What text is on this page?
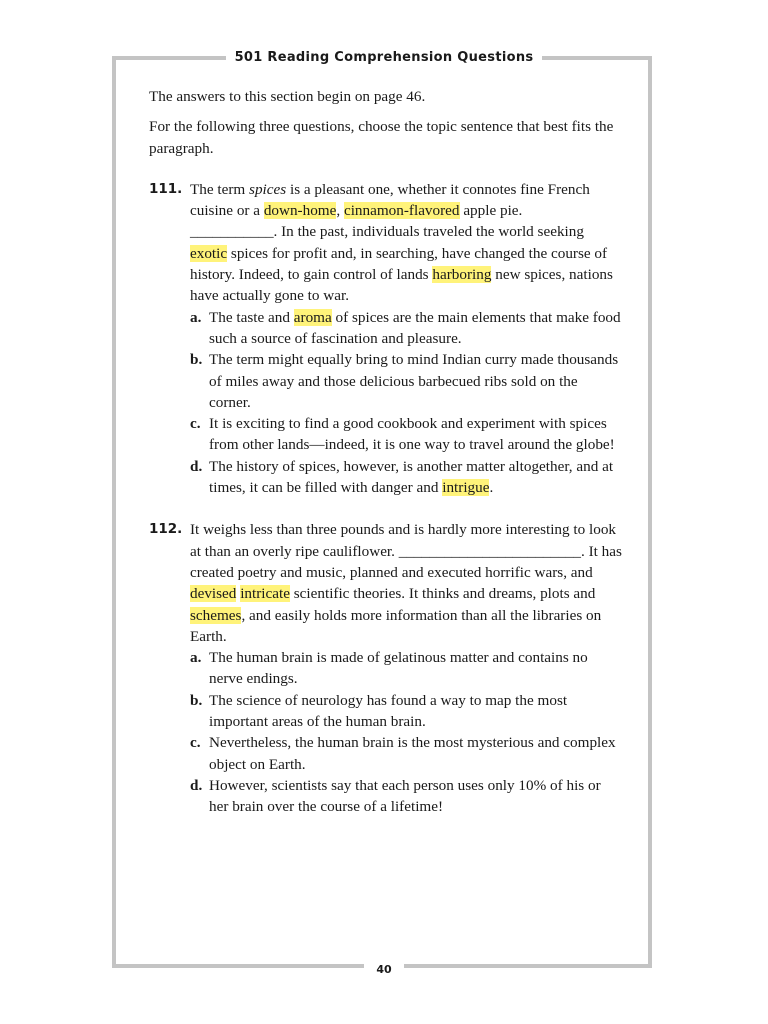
501 Reading Comprehension Questions

The answers to this section begin on page 46.

For the following three questions, choose the topic sentence that best fits the paragraph.

111. The term spices is a pleasant one, whether it connotes fine French cuisine or a down-home, cinnamon-flavored apple pie.
___________. In the past, individuals traveled the world seeking exotic spices for profit and, in searching, have changed the course of history. Indeed, to gain control of lands harboring new spices, nations have actually gone to war.

a. The taste and aroma of spices are the main elements that make food such a source of fascination and pleasure.
b. The term might equally bring to mind Indian curry made thousands of miles away and those delicious barbecued ribs sold on the corner.
c. It is exciting to find a good cookbook and experiment with spices from other lands—indeed, it is one way to travel around the globe!
d. The history of spices, however, is another matter altogether, and at times, it can be filled with danger and intrigue.
112. It weighs less than three pounds and is hardly more interesting to look at than an overly ripe cauliflower. ________________________. It has created poetry and music, planned and executed horrific wars, and devised intricate scientific theories. It thinks and dreams, plots and schemes, and easily holds more information than all the libraries on Earth.

a. The human brain is made of gelatinous matter and contains no nerve endings.
b. The science of neurology has found a way to map the most important areas of the human brain.
c. Nevertheless, the human brain is the most mysterious and complex object on Earth.
d. However, scientists say that each person uses only 10% of his or her brain over the course of a lifetime!
40
